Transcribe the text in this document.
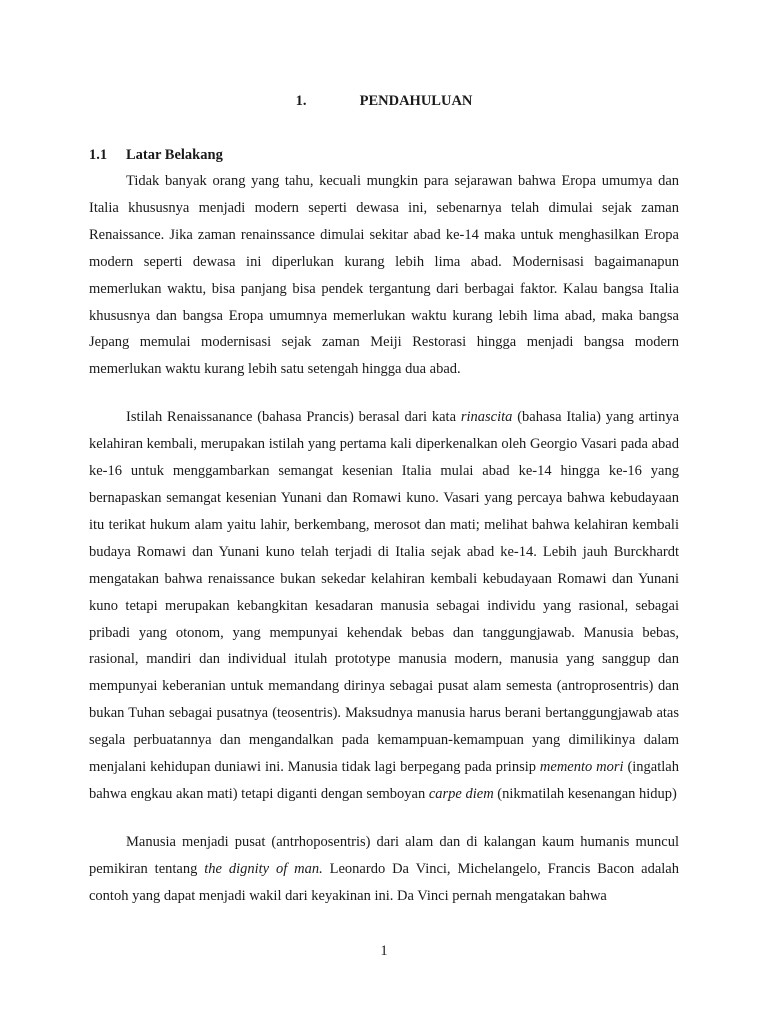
1.	PENDAHULUAN
1.1 Latar Belakang

Tidak banyak orang yang tahu, kecuali mungkin para sejarawan bahwa Eropa umumya dan Italia khususnya menjadi modern seperti dewasa ini, sebenarnya telah dimulai sejak zaman Renaissance. Jika zaman renainssance dimulai sekitar abad ke-14 maka untuk menghasilkan Eropa modern seperti dewasa ini diperlukan kurang lebih lima abad. Modernisasi bagaimanapun memerlukan waktu, bisa panjang bisa pendek tergantung dari berbagai faktor. Kalau bangsa Italia khususnya dan bangsa Eropa umumnya memerlukan waktu kurang lebih lima abad, maka bangsa Jepang memulai modernisasi sejak zaman Meiji Restorasi hingga menjadi bangsa modern memerlukan waktu kurang lebih satu setengah hingga dua abad.

Istilah Renaissanance (bahasa Prancis) berasal dari kata rinascita (bahasa Italia) yang artinya kelahiran kembali, merupakan istilah yang pertama kali diperkenalkan oleh Georgio Vasari pada abad ke-16 untuk menggambarkan semangat kesenian Italia mulai abad ke-14 hingga ke-16 yang bernapaskan semangat kesenian Yunani dan Romawi kuno. Vasari yang percaya bahwa kebudayaan itu terikat hukum alam yaitu lahir, berkembang, merosot dan mati; melihat bahwa kelahiran kembali budaya Romawi dan Yunani kuno telah terjadi di Italia sejak abad ke-14. Lebih jauh Burckhardt mengatakan bahwa renaissance bukan sekedar kelahiran kembali kebudayaan Romawi dan Yunani kuno tetapi merupakan kebangkitan kesadaran manusia sebagai individu yang rasional, sebagai pribadi yang otonom, yang mempunyai kehendak bebas dan tanggungjawab. Manusia bebas, rasional, mandiri dan individual itulah prototype manusia modern, manusia yang sanggup dan mempunyai keberanian untuk memandang dirinya sebagai pusat alam semesta (antroprosentris) dan bukan Tuhan sebagai pusatnya (teosentris). Maksudnya manusia harus berani bertanggungjawab atas segala perbuatannya dan mengandalkan pada kemampuan-kemampuan yang dimilikinya dalam menjalani kehidupan duniawi ini. Manusia tidak lagi berpegang pada prinsip memento mori (ingatlah bahwa engkau akan mati) tetapi diganti dengan semboyan carpe diem (nikmatilah kesenangan hidup)

Manusia menjadi pusat (antrhoposentris) dari alam dan di kalangan kaum humanis muncul pemikiran tentang the dignity of man. Leonardo Da Vinci, Michelangelo, Francis Bacon adalah contoh yang dapat menjadi wakil dari keyakinan ini. Da Vinci pernah mengatakan bahwa

1
